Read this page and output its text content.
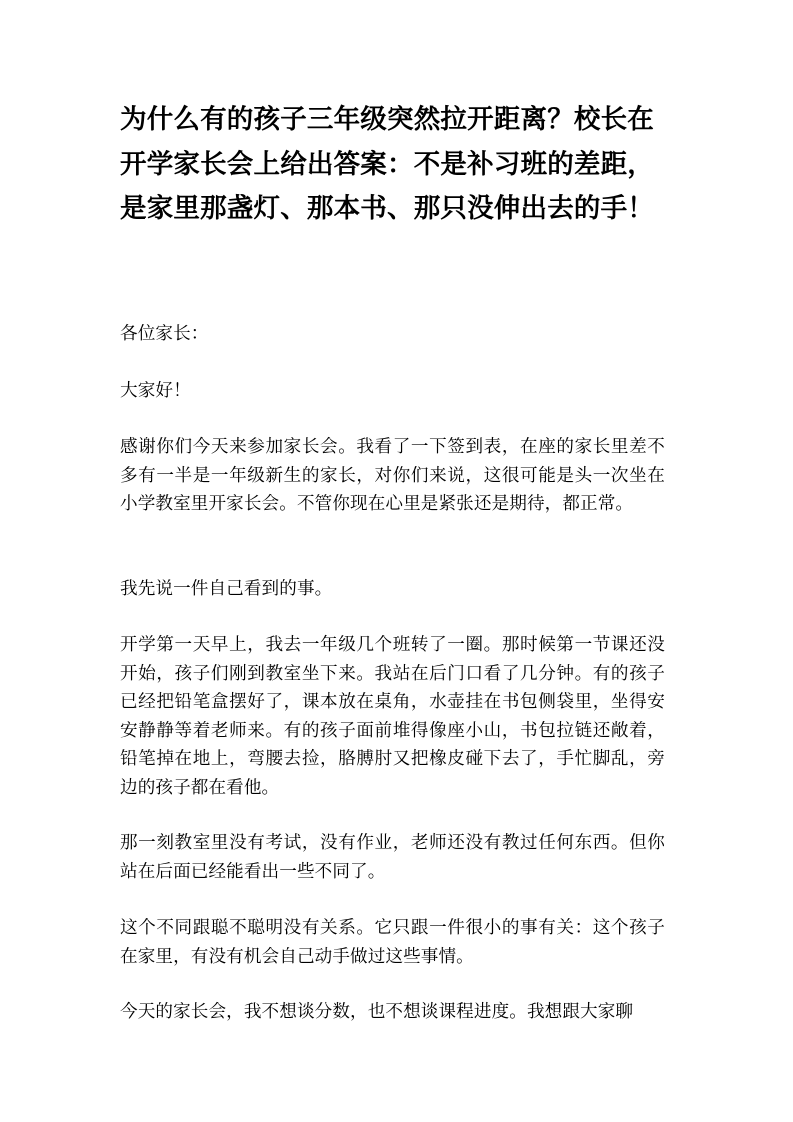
为什么有的孩子三年级突然拉开距离？校长在开学家长会上给出答案：不是补习班的差距，是家里那盏灯、那本书、那只没伸出去的手！

各位家长：

大家好！

感谢你们今天来参加家长会。我看了一下签到表，在座的家长里差不多有一半是一年级新生的家长，对你们来说，这很可能是头一次坐在小学教室里开家长会。不管你现在心里是紧张还是期待，都正常。

我先说一件自己看到的事。

开学第一天早上，我去一年级几个班转了一圈。那时候第一节课还没开始，孩子们刚到教室坐下来。我站在后门口看了几分钟。有的孩子已经把铅笔盒摆好了，课本放在桌角，水壶挂在书包侧袋里，坐得安安静静等着老师来。有的孩子面前堆得像座小山，书包拉链还敞着，铅笔掉在地上，弯腰去捡，胳膊肘又把橡皮碰下去了，手忙脚乱，旁边的孩子都在看他。

那一刻教室里没有考试，没有作业，老师还没有教过任何东西。但你站在后面已经能看出一些不同了。

这个不同跟聪不聪明没有关系。它只跟一件很小的事有关：这个孩子在家里，有没有机会自己动手做过这些事情。

今天的家长会，我不想谈分数，也不想谈课程进度。我想跟大家聊
